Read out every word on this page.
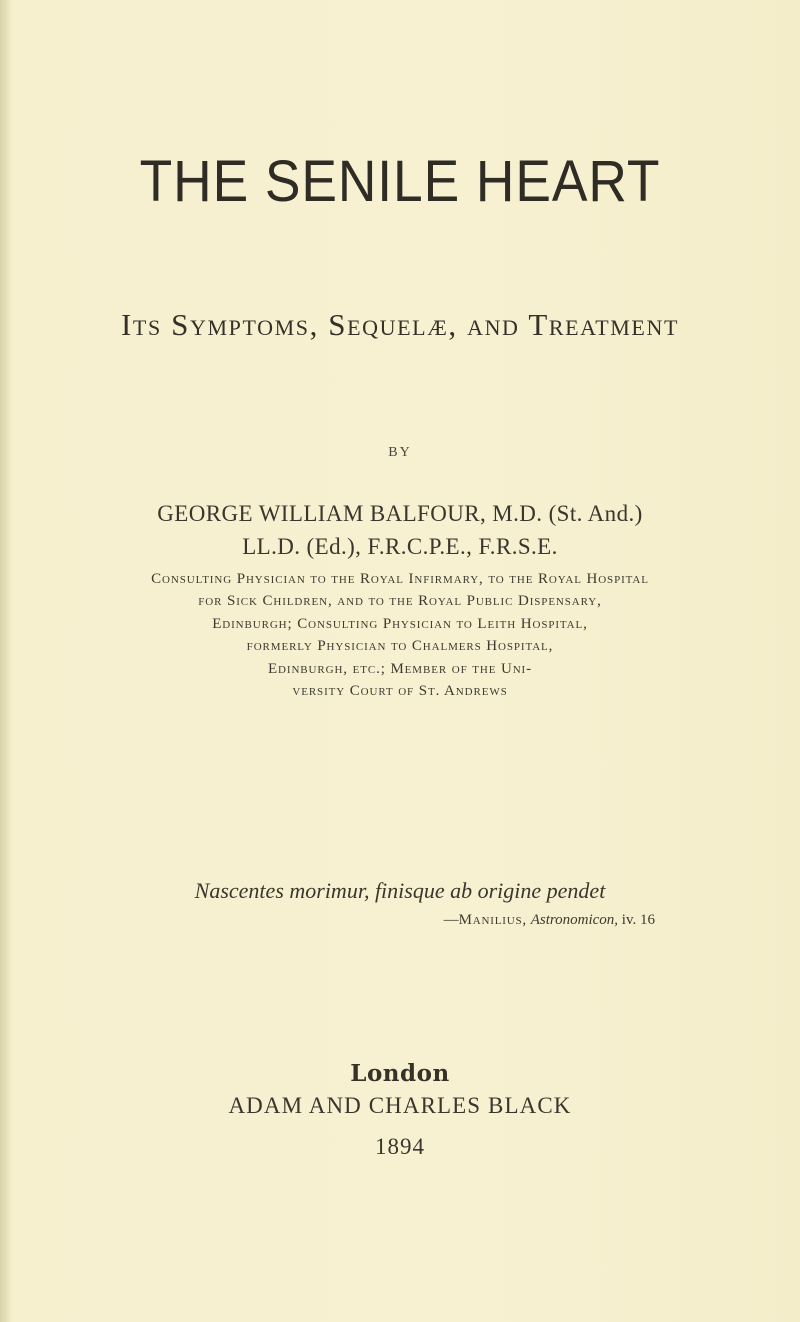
THE SENILE HEART
Its Symptoms, Sequelæ, and Treatment
BY
GEORGE WILLIAM BALFOUR, M.D. (St. And.)
LL.D. (Ed.), F.R.C.P.E., F.R.S.E.
Consulting Physician to the Royal Infirmary, to the Royal Hospital
for Sick Children, and to the Royal Public Dispensary,
Edinburgh; Consulting Physician to Leith Hospital,
formerly Physician to Chalmers Hospital,
Edinburgh, etc.; Member of the Uni-
versity Court of St. Andrews
Nascentes morimur, finisque ab origine pendet
—Manilius, Astronomicon, iv. 16
London
ADAM AND CHARLES BLACK
1894
